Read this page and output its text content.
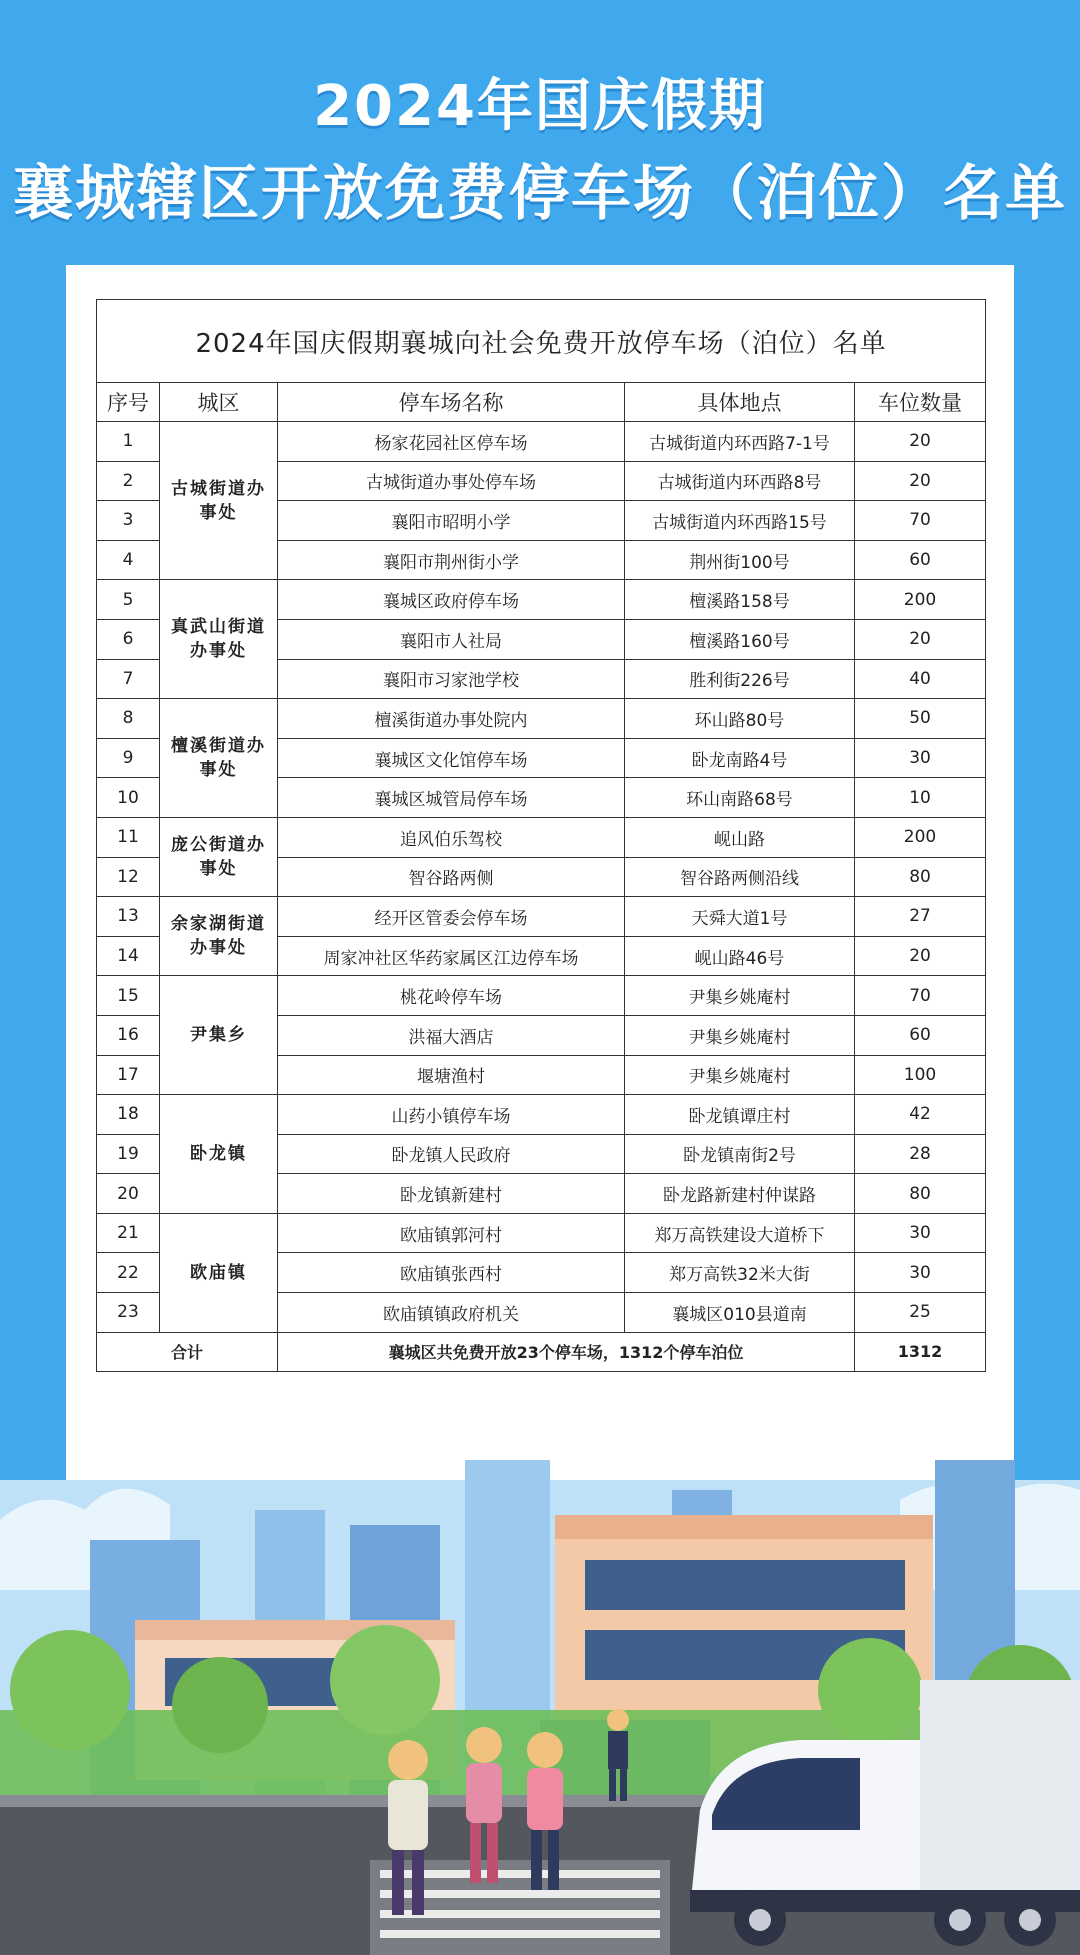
2024年国庆假期
襄城辖区开放免费停车场（泊位）名单
2024年国庆假期襄城向社会免费开放停车场（泊位）名单				
序号	城区	停车场名称	具体地点	车位数量
1	古城街道办事处	杨家花园社区停车场	古城街道内环西路7-1号	20
2		古城街道办事处停车场	古城街道内环西路8号	20
3		襄阳市昭明小学	古城街道内环西路15号	70
4		襄阳市荆州街小学	荆州街100号	60
5	真武山街道办事处	襄城区政府停车场	檀溪路158号	200
6		襄阳市人社局	檀溪路160号	20
7		襄阳市习家池学校	胜利街226号	40
8	檀溪街道办事处	檀溪街道办事处院内	环山路80号	50
9		襄城区文化馆停车场	卧龙南路4号	30
10		襄城区城管局停车场	环山南路68号	10
11	庞公街道办事处	追风伯乐驾校	岘山路	200
12		智谷路两侧	智谷路两侧沿线	80
13	余家湖街道办事处	经开区管委会停车场	天舜大道1号	27
14		周家冲社区华药家属区江边停车场	岘山路46号	20
15	尹集乡	桃花岭停车场	尹集乡姚庵村	70
16		洪福大酒店	尹集乡姚庵村	60
17		堰塘渔村	尹集乡姚庵村	100
18	卧龙镇	山药小镇停车场	卧龙镇谭庄村	42
19		卧龙镇人民政府	卧龙镇南街2号	28
20		卧龙镇新建村	卧龙路新建村仲谋路	80
21	欧庙镇	欧庙镇郭河村	郑万高铁建设大道桥下	30
22		欧庙镇张西村	郑万高铁32米大街	30
23		欧庙镇镇政府机关	襄城区010县道南	25
合计		襄城区共免费开放23个停车场，1312个停车泊位		1312
